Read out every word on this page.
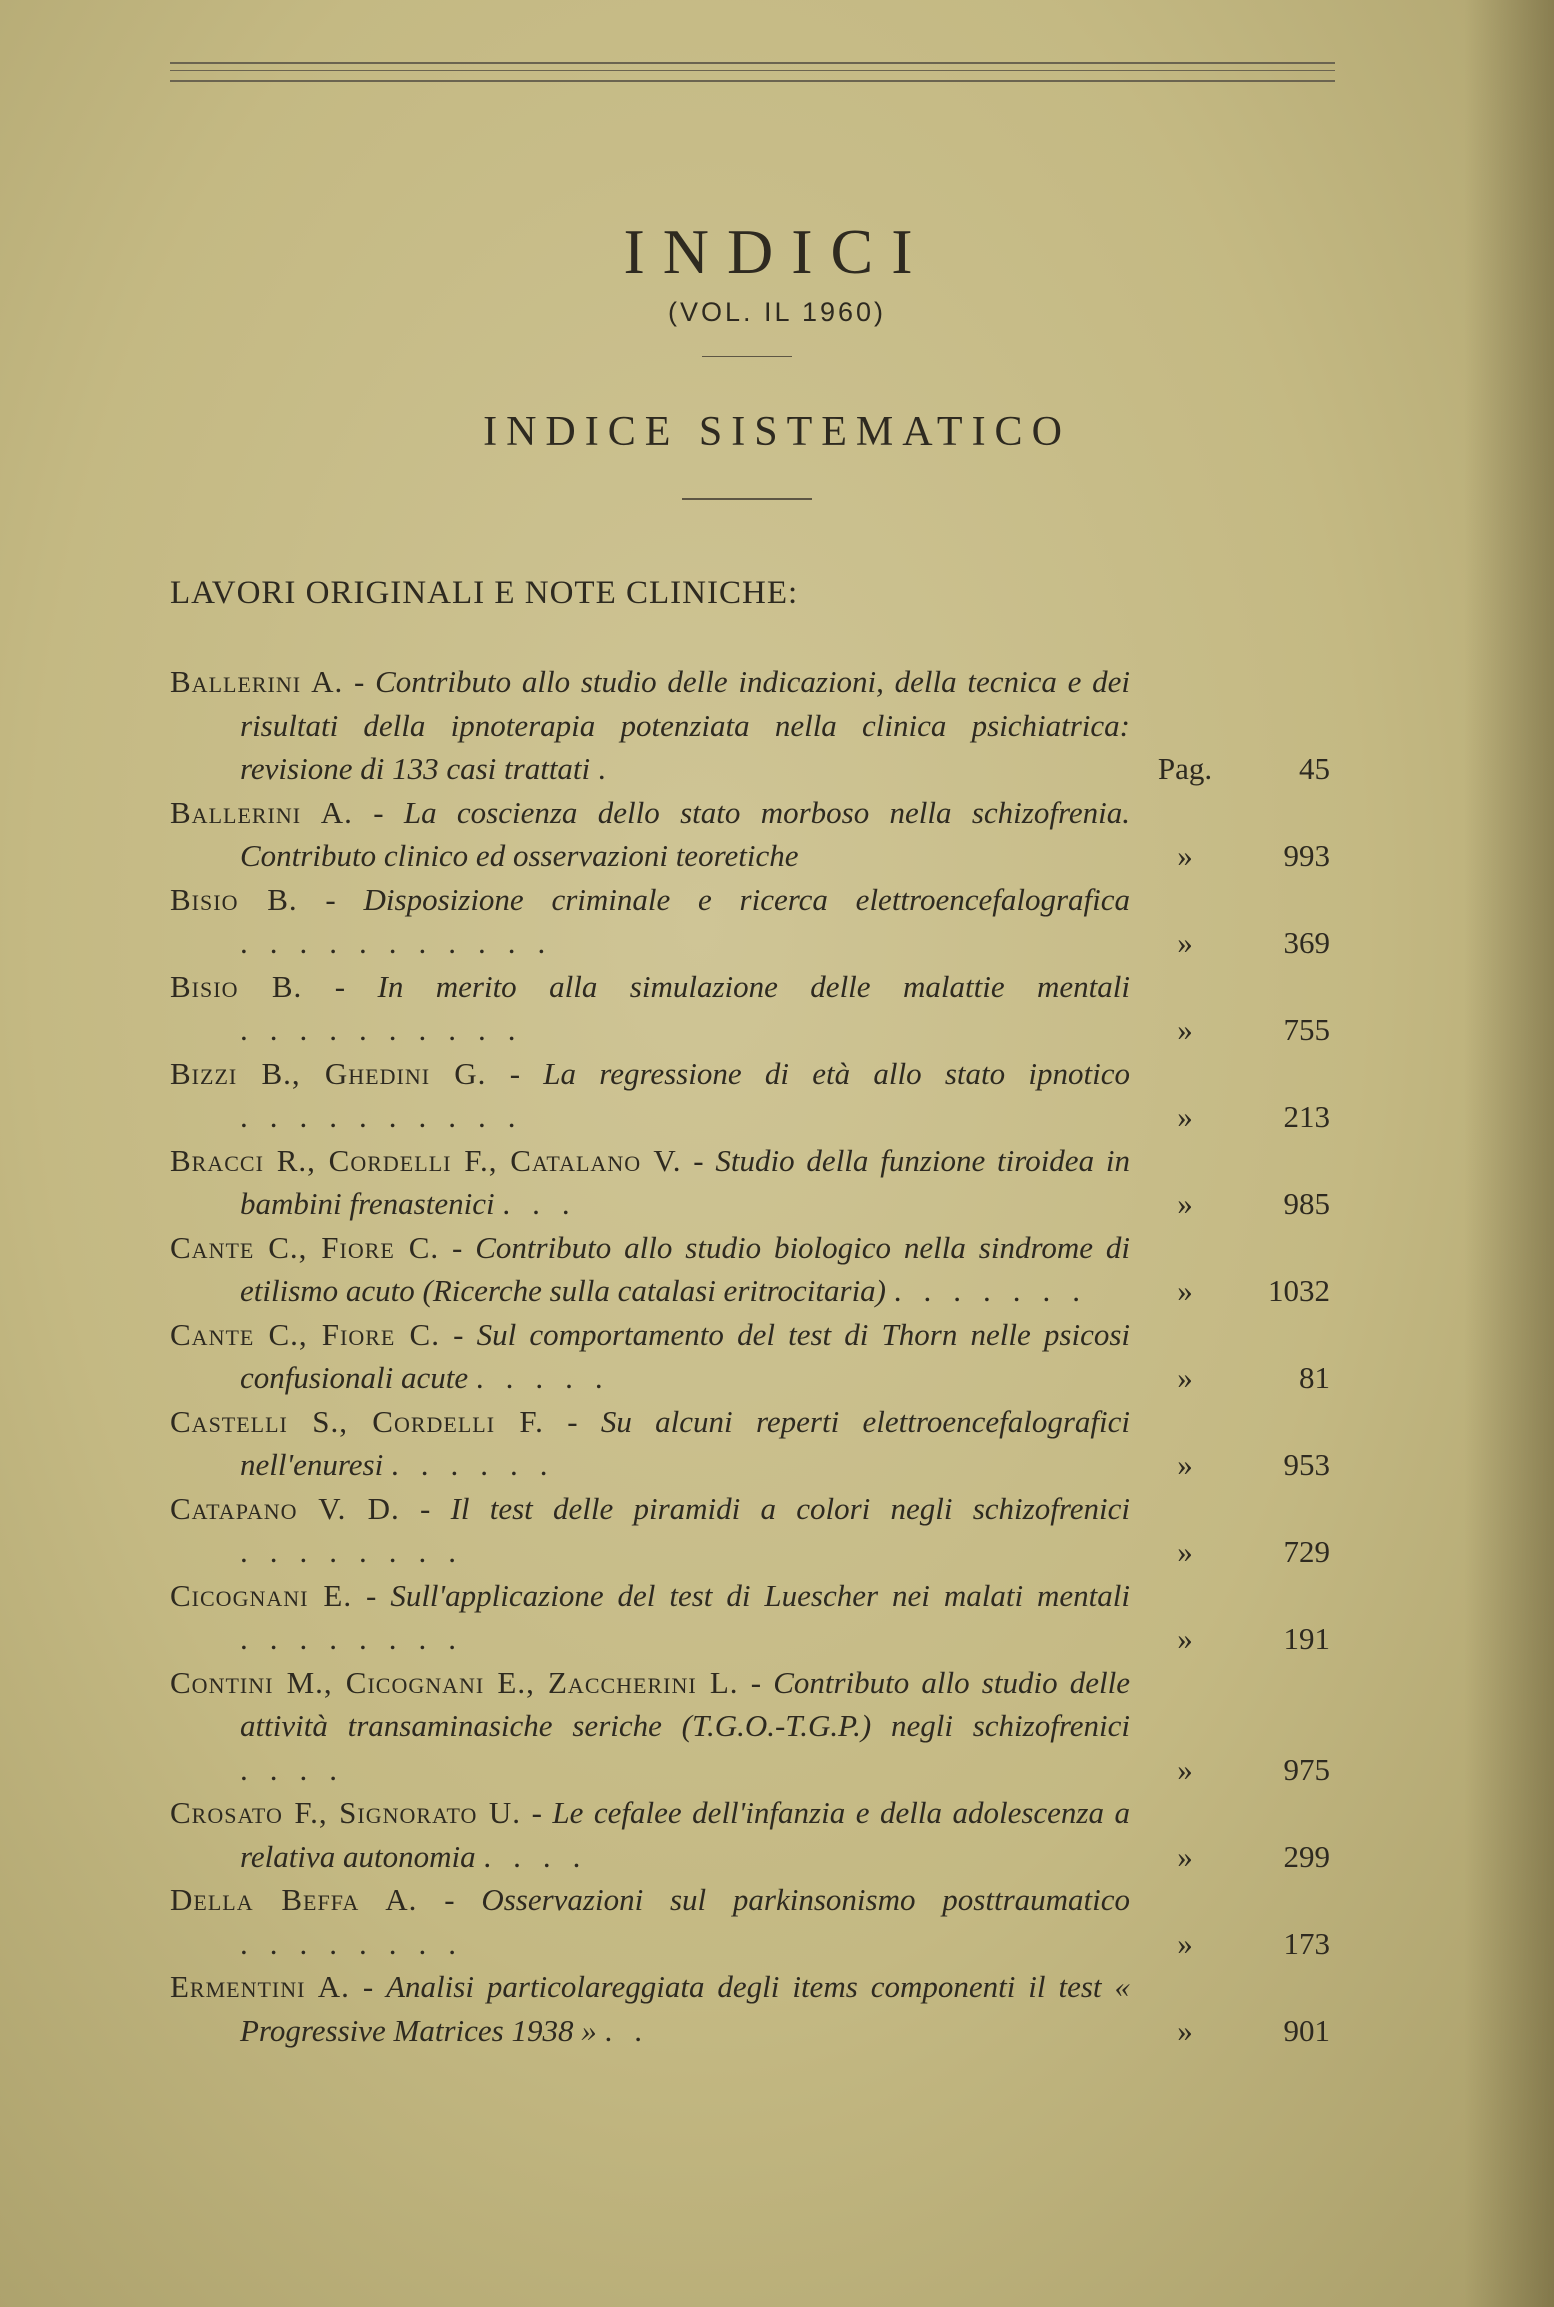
INDICI
(VOL. IL 1960)
INDICE SISTEMATICO
LAVORI ORIGINALI E NOTE CLINICHE:
Ballerini A. - Contributo allo studio delle indicazioni, della tecnica e dei risultati della ipnoterapia potenziata nella clinica psichiatrica: revisione di 133 casi trattati .	Pag.	45
Ballerini A. - La coscienza dello stato morboso nella schizofrenia. Contributo clinico ed osservazioni teoretiche	»	993
Bisio B. - Disposizione criminale e ricerca elettroencefalografica ...........	»	369
Bisio B. - In merito alla simulazione delle malattie mentali ..........	»	755
Bizzi B., Ghedini G. - La regressione di età allo stato ipnotico ..........	»	213
Bracci R., Cordelli F., Catalano V. - Studio della funzione tiroidea in bambini frenastenici ...	»	985
Cante C., Fiore C. - Contributo allo studio biologico nella sindrome di etilismo acuto (Ricerche sulla catalasi eritrocitaria) .......	»	1032
Cante C., Fiore C. - Sul comportamento del test di Thorn nelle psicosi confusionali acute .....	»	81
Castelli S., Cordelli F. - Su alcuni reperti elettroencefalografici nell'enuresi ......	»	953
Catapano V. D. - Il test delle piramidi a colori negli schizofrenici ........	»	729
Cicognani E. - Sull'applicazione del test di Luescher nei malati mentali ........	»	191
Contini M., Cicognani E., Zaccherini L. - Contributo allo studio delle attività transaminasiche seriche (T.G.O.-T.G.P.) negli schizofrenici ....	»	975
Crosato F., Signorato U. - Le cefalee dell'infanzia e della adolescenza a relativa autonomia ....	»	299
Della Beffa A. - Osservazioni sul parkinsonismo posttraumatico ........	»	173
Ermentini A. - Analisi particolareggiata degli items componenti il test « Progressive Matrices 1938 » ..	»	901
